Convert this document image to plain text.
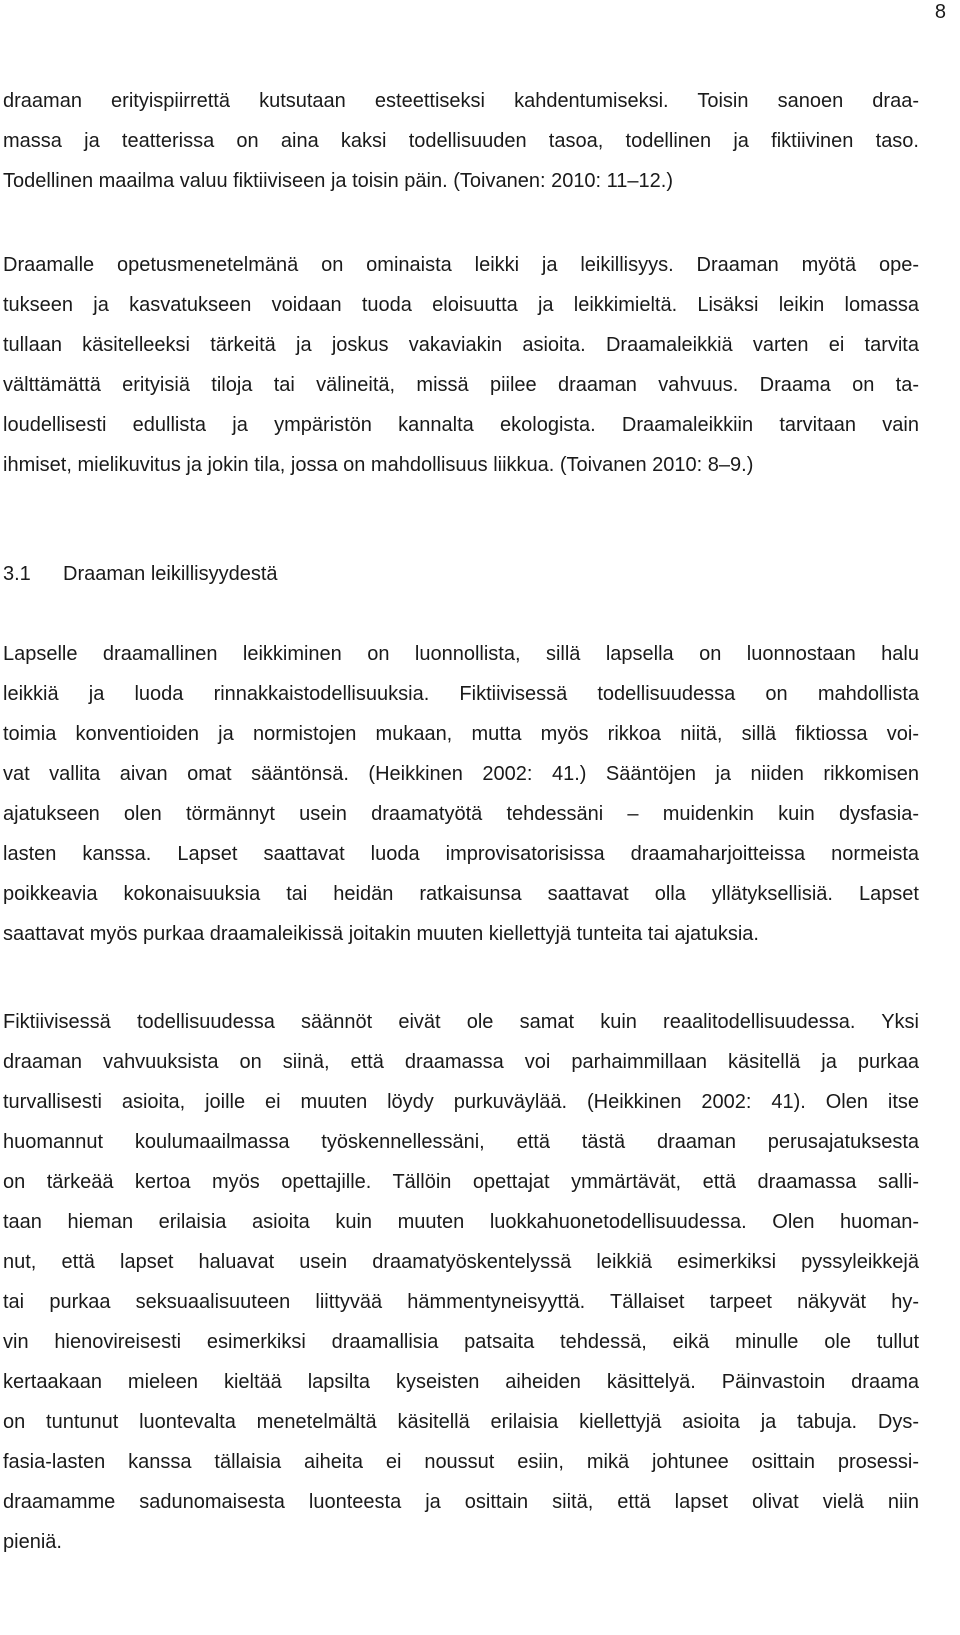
8
draaman erityispiirrettä kutsutaan esteettiseksi kahdentumiseksi. Toisin sanoen draa-
massa ja teatterissa on aina kaksi todellisuuden tasoa, todellinen ja fiktiivinen taso.
Todellinen maailma valuu fiktiiviseen ja toisin päin. (Toivanen: 2010: 11–12.)
Draamalle opetusmenetelmänä on ominaista leikki ja leikillisyys. Draaman myötä ope-
tukseen ja kasvatukseen voidaan tuoda eloisuutta ja leikkimieltä. Lisäksi leikin lomassa
tullaan käsitelleeksi tärkeitä ja joskus vakaviakin asioita. Draamaleikkiä varten ei tarvita
välttämättä erityisiä tiloja tai välineitä, missä piilee draaman vahvuus. Draama on ta-
loudellisesti edullista ja ympäristön kannalta ekologista. Draamaleikkiin tarvitaan vain
ihmiset, mielikuvitus ja jokin tila, jossa on mahdollisuus liikkua. (Toivanen 2010: 8–9.)
3.1 Draaman leikillisyydestä
Lapselle draamallinen leikkiminen on luonnollista, sillä lapsella on luonnostaan halu
leikkiä ja luoda rinnakkaistodellisuuksia. Fiktiivisessä todellisuudessa on mahdollista
toimia konventioiden ja normistojen mukaan, mutta myös rikkoa niitä, sillä fiktiossa voi-
vat vallita aivan omat sääntönsä. (Heikkinen 2002: 41.) Sääntöjen ja niiden rikkomisen
ajatukseen olen törmännyt usein draamatyötä tehdessäni – muidenkin kuin dysfasia-
lasten kanssa. Lapset saattavat luoda improvisatorisissa draamaharjoitteissa normeista
poikkeavia kokonaisuuksia tai heidän ratkaisunsa saattavat olla yllätyksellisiä. Lapset
saattavat myös purkaa draamaleikissä joitakin muuten kiellettyjä tunteita tai ajatuksia.
Fiktiivisessä todellisuudessa säännöt eivät ole samat kuin reaalitodellisuudessa. Yksi
draaman vahvuuksista on siinä, että draamassa voi parhaimmillaan käsitellä ja purkaa
turvallisesti asioita, joille ei muuten löydy purkuväylää. (Heikkinen 2002: 41). Olen itse
huomannut koulumaailmassa työskennellessäni, että tästä draaman perusajatuksesta
on tärkeää kertoa myös opettajille. Tällöin opettajat ymmärtävät, että draamassa salli-
taan hieman erilaisia asioita kuin muuten luokkahuonetodellisuudessa. Olen huoman-
nut, että lapset haluavat usein draamatyöskentelyssä leikkiä esimerkiksi pyssyleikkejä
tai purkaa seksuaalisuuteen liittyvää hämmentyneisyyttä. Tällaiset tarpeet näkyvät hy-
vin hienovireisesti esimerkiksi draamallisia patsaita tehdessä, eikä minulle ole tullut
kertaakaan mieleen kieltää lapsilta kyseisten aiheiden käsittelyä. Päinvastoin draama
on tuntunut luontevalta menetelmältä käsitellä erilaisia kiellettyjä asioita ja tabuja. Dys-
fasia-lasten kanssa tällaisia aiheita ei noussut esiin, mikä johtunee osittain prosessi-
draamamme sadunomaisesta luonteesta ja osittain siitä, että lapset olivat vielä niin
pieniä.
